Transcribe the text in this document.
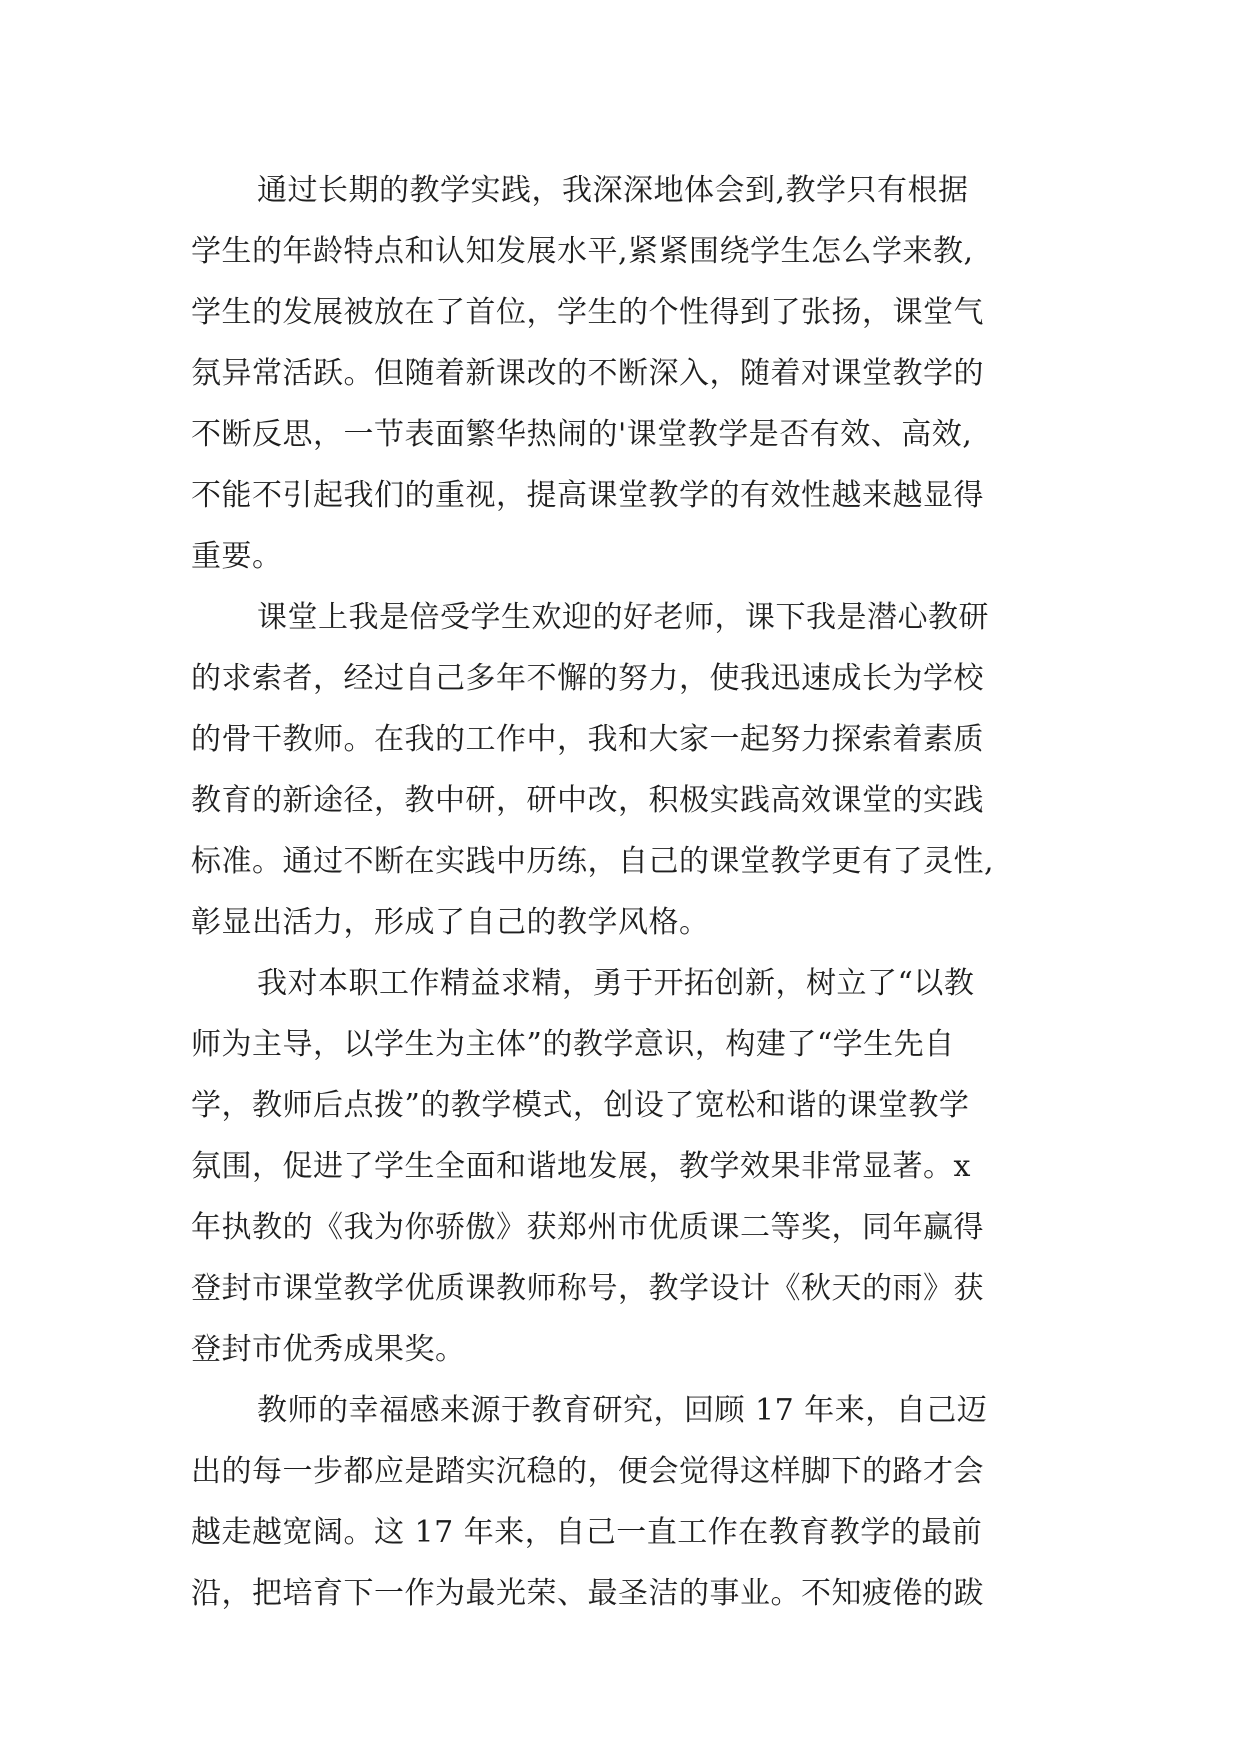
通过长期的教学实践，我深深地体会到,教学只有根据
学生的年龄特点和认知发展水平,紧紧围绕学生怎么学来教,
学生的发展被放在了首位，学生的个性得到了张扬，课堂气
氛异常活跃。但随着新课改的不断深入，随着对课堂教学的
不断反思，一节表面繁华热闹的'课堂教学是否有效、高效,
不能不引起我们的重视，提高课堂教学的有效性越来越显得
重要。
课堂上我是倍受学生欢迎的好老师，课下我是潜心教研
的求索者，经过自己多年不懈的努力，使我迅速成长为学校
的骨干教师。在我的工作中，我和大家一起努力探索着素质
教育的新途径，教中研，研中改，积极实践高效课堂的实践
标准。通过不断在实践中历练，自己的课堂教学更有了灵性,
彰显出活力，形成了自己的教学风格。
我对本职工作精益求精，勇于开拓创新，树立了“以教
师为主导，以学生为主体”的教学意识，构建了“学生先自
学，教师后点拨”的教学模式，创设了宽松和谐的课堂教学
氛围，促进了学生全面和谐地发展，教学效果非常显著。x
年执教的《我为你骄傲》获郑州市优质课二等奖，同年赢得
登封市课堂教学优质课教师称号，教学设计《秋天的雨》获
登封市优秀成果奖。
教师的幸福感来源于教育研究，回顾 17 年来，自己迈
出的每一步都应是踏实沉稳的，便会觉得这样脚下的路才会
越走越宽阔。这 17 年来，自己一直工作在教育教学的最前
沿，把培育下一作为最光荣、最圣洁的事业。不知疲倦的跋
